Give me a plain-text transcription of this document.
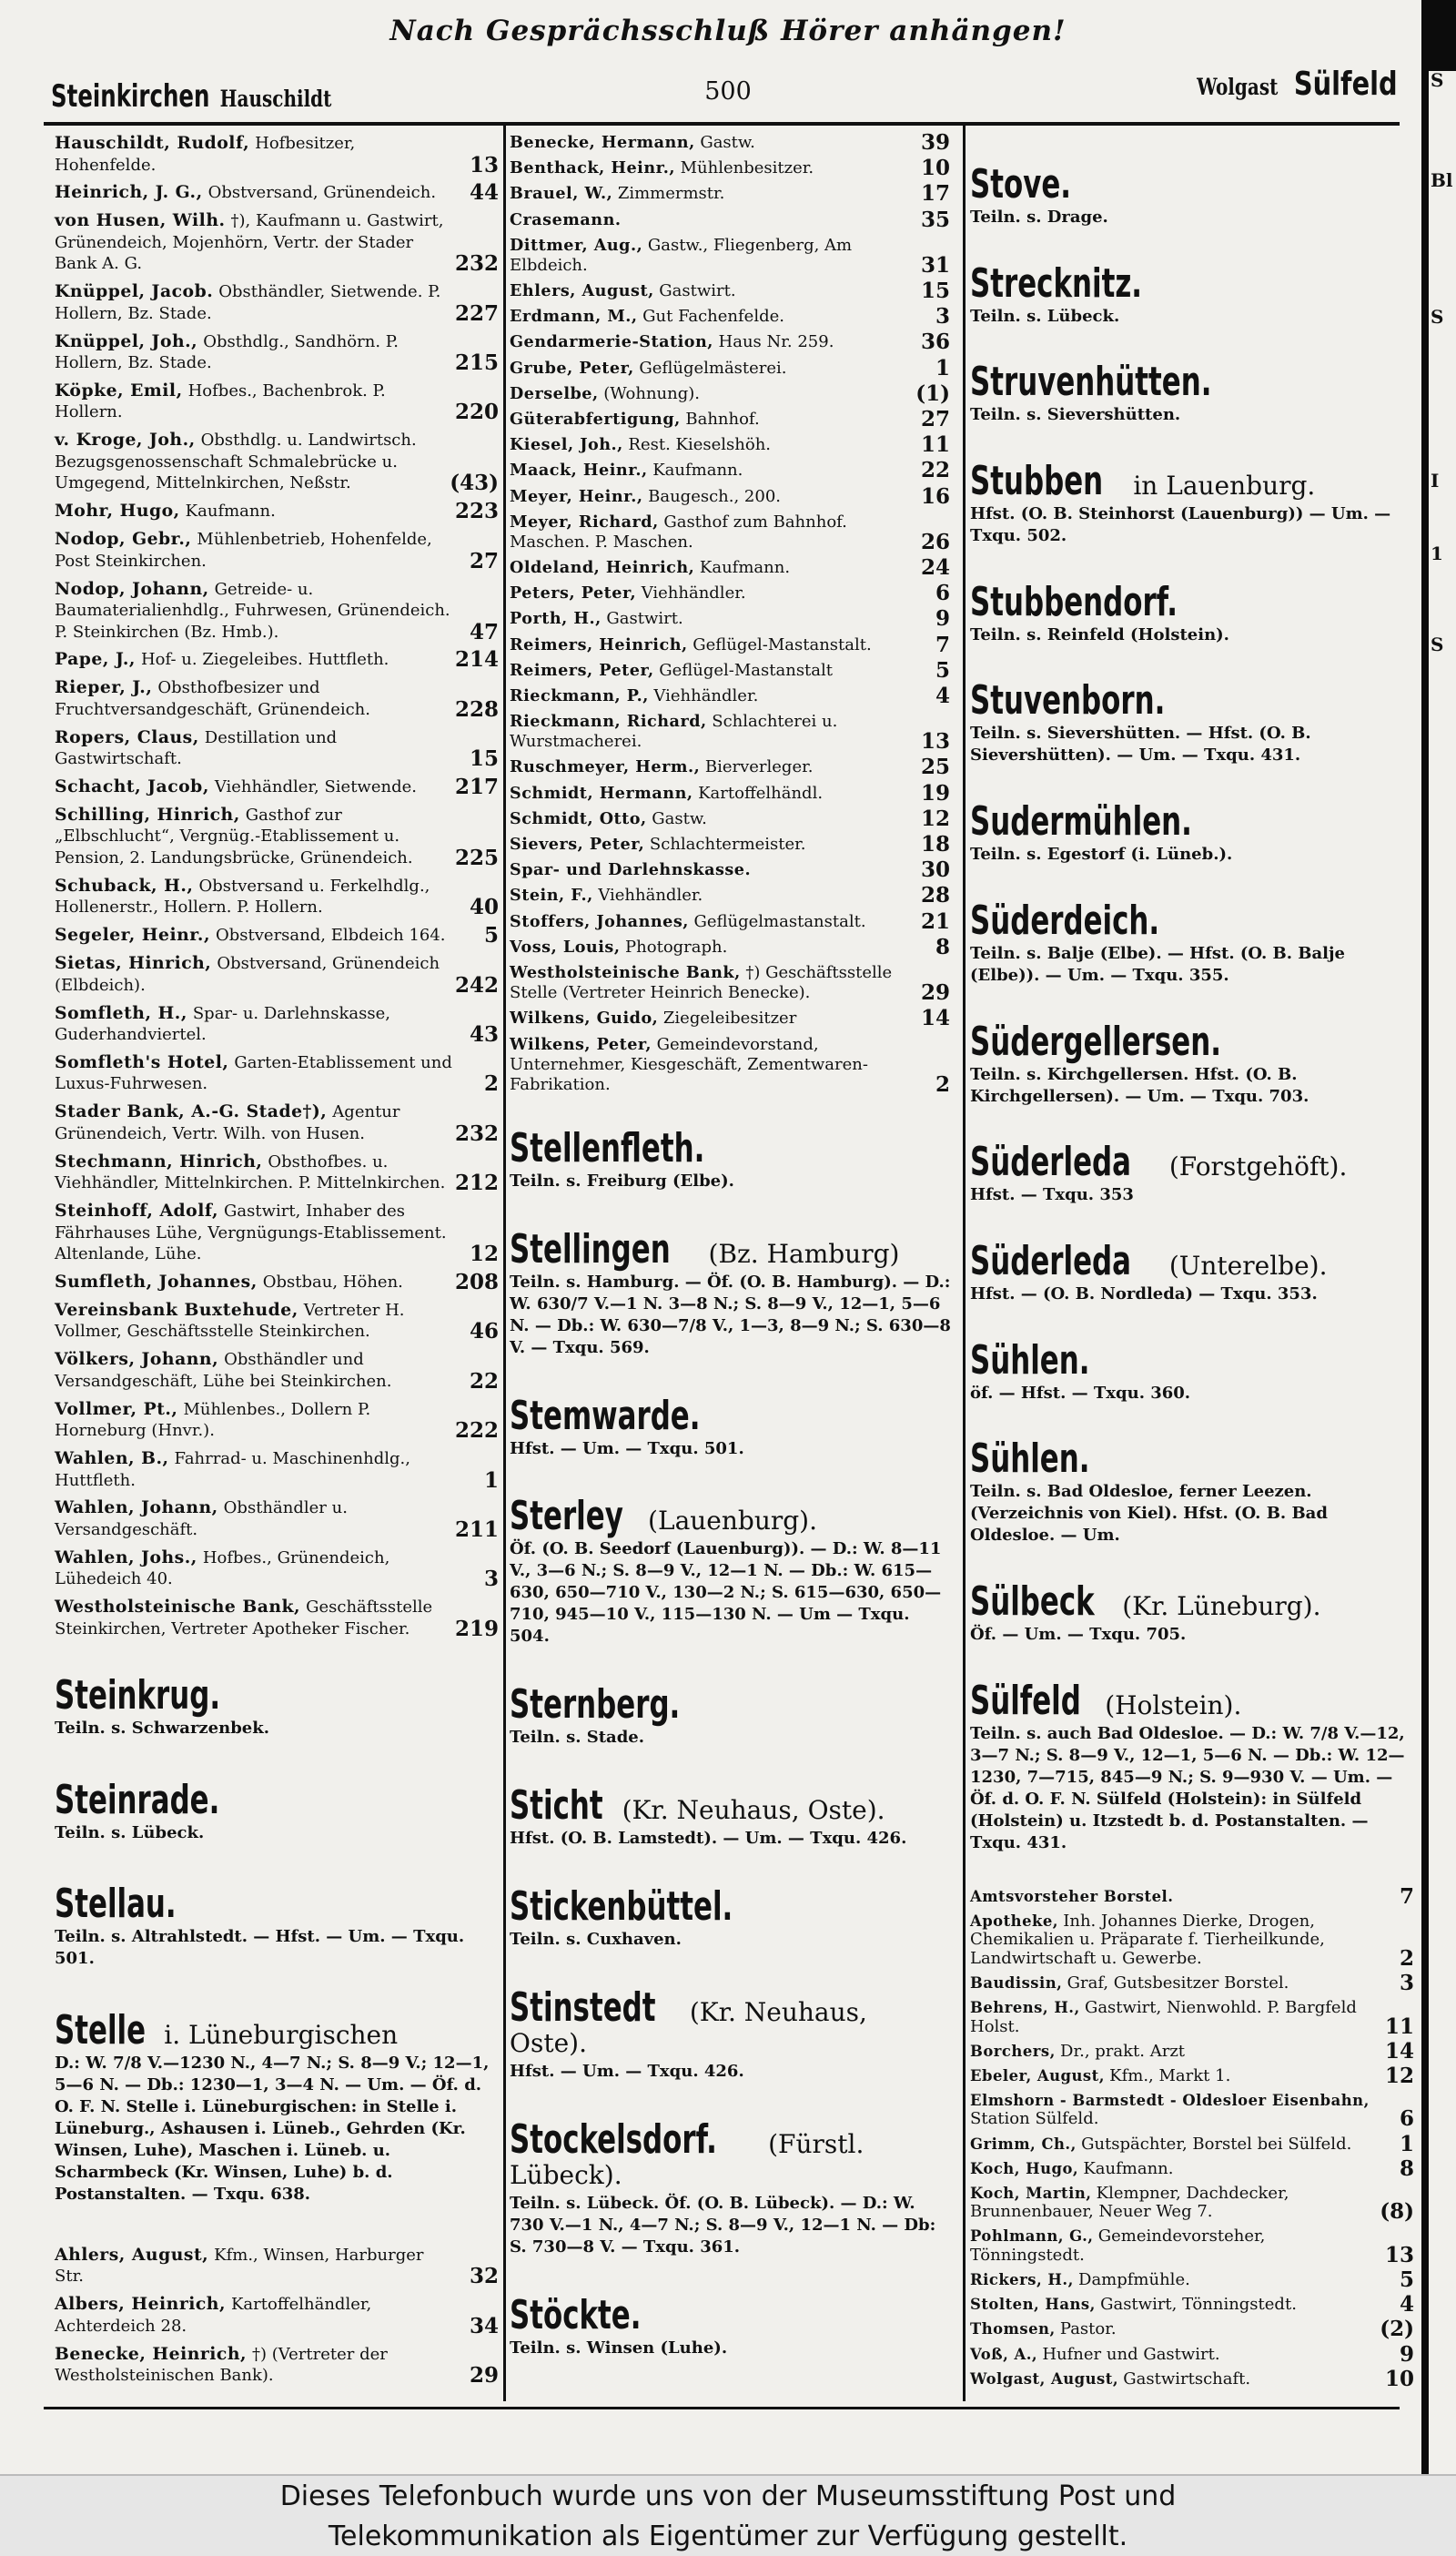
Nach Gesprächsschluß Hörer anhängen!
Steinkirchen Hauschildt	500	Wolgast Sülfeld
Hauschildt, Rudolf, Hofbesitzer, Hohenfelde.	13
Heinrich, J. G., Obstversand, Grünendeich. 44
von Husen, Wilh. †), Kaufmann u. Gastwirt, Grünendeich, Mojenhörn, Vertr. der Stader Bank A. G.	232
Knüppel, Jacob. Obsthändler, Sietwende. P. Hollern, Bz. Stade.	227
Knüppel, Joh., Obsthdlg., Sandhörn. P. Hollern, Bz. Stade.	215
Köpke, Emil, Hofbes., Bachenbrok. P. Hollern.	220
v. Kroge, Joh., Obsthdlg. u. Landwirtsch. Bezugsgenossenschaft Schmalebrücke u. Umgegend, Mittelnkirchen, Neßstr.	(43)
Mohr, Hugo, Kaufmann.	223
Nodop, Gebr., Mühlenbetrieb, Hohenfelde, Post Steinkirchen.	27
Nodop, Johann, Getreide- u. Baumaterialienhdlg., Fuhrwesen, Grünendeich. P. Steinkirchen (Bz. Hmb.).	47
Pape, J., Hof- u. Ziegeleibes. Huttfleth.	214
Rieper, J., Obsthofbesizer und Fruchtversandgeschäft, Grünendeich.	228
Ropers, Claus, Destillation und Gastwirtschaft.	15
Schacht, Jacob, Viehhändler, Sietwende. 217
Schilling, Hinrich, Gasthof zur „Elbschlucht“, Vergnüg.-Etablissement u. Pension, 2. Landungsbrücke, Grünendeich. 225
Schuback, H., Obstversand u. Ferkelhdlg., Hollenerstr., Hollern. P. Hollern.	40
Segeler, Heinr., Obstversand, Elbdeich 164. 5
Sietas, Hinrich, Obstversand, Grünendeich (Elbdeich).	242
Somfleth, H., Spar- u. Darlehnskasse, Guderhandviertel.	43
Somfleth's Hotel, Garten-Etablissement und Luxus-Fuhrwesen.	2
Stader Bank, A.-G. Stade†), Agentur Grünendeich, Vertr. Wilh. von Husen.	232
Stechmann, Hinrich, Obsthofbes. u. Viehhändler, Mittelnkirchen. P. Mittelnkirchen. 212
Steinhoff, Adolf, Gastwirt, Inhaber des Fährhauses Lühe, Vergnügungs-Etablissement. Altenlande, Lühe.	12
Sumfleth, Johannes, Obstbau, Höhen. 208
Vereinsbank Buxtehude, Vertreter H. Vollmer, Geschäftsstelle Steinkirchen.	46
Völkers, Johann, Obsthändler und Versandgeschäft, Lühe bei Steinkirchen.	22
Vollmer, Pt., Mühlenbes., Dollern P. Horneburg (Hnvr.).	222
Wahlen, B., Fahrrad- u. Maschinenhdlg., Huttfleth.	1
Wahlen, Johann, Obsthändler u. Versandgeschäft.	211
Wahlen, Johs., Hofbes., Grünendeich, Lühedeich 40.	3
Westholsteinische Bank, Geschäftsstelle Steinkirchen, Vertreter Apotheker Fischer. 219
Steinkrug.
Teiln. s. Schwarzenbek.
Steinrade.
Teiln. s. Lübeck.
Stellau.
Teiln. s. Altrahlstedt. — Hfst. — Um. — Txqu. 501.
Stelle i. Lüneburgischen
D.: W. 7/8 V.—1230 N., 4—7 N.; S. 8—9 V.; 12—1, 5—6 N. — Db.: 1230—1, 3—4 N. — Um. — Öf. d. O. F. N. Stelle i. Lüneburgischen: in Stelle i. Lüneburg., Ashausen i. Lüneb., Gehrden (Kr. Winsen, Luhe), Maschen i. Lüneb. u. Scharmbeck (Kr. Winsen, Luhe) b. d. Postanstalten. — Txqu. 638.
Ahlers, August, Kfm., Winsen, Harburger Str.	32
Albers, Heinrich, Kartoffelhändler, Achterdeich 28.	34
Benecke, Heinrich, †) (Vertreter der Westholsteinischen Bank).	29
Benecke, Hermann, Gastw.	39
Benthack, Heinr., Mühlenbesitzer.	10
Brauel, W., Zimmermstr.	17
Crasemann.	35
Dittmer, Aug., Gastw., Fliegenberg, Am Elbdeich.	31
Ehlers, August, Gastwirt.	15
Erdmann, M., Gut Fachenfelde.	3
Gendarmerie-Station, Haus Nr. 259.	36
Grube, Peter, Geflügelmästerei.	1
Derselbe, (Wohnung).	(1)
Güterabfertigung, Bahnhof.	27
Kiesel, Joh., Rest. Kieselshöh.	11
Maack, Heinr., Kaufmann.	22
Meyer, Heinr., Baugesch., 200.	16
Meyer, Richard, Gasthof zum Bahnhof. Maschen. P. Maschen.	26
Oldeland, Heinrich, Kaufmann.	24
Peters, Peter, Viehhändler.	6
Porth, H., Gastwirt.	9
Reimers, Heinrich, Geflügel-Mastanstalt.	7
Reimers, Peter, Geflügel-Mastanstalt	5
Rieckmann, P., Viehhändler.	4
Rieckmann, Richard, Schlachterei u. Wurstmacherei.	13
Ruschmeyer, Herm., Bierverleger.	25
Schmidt, Hermann, Kartoffelhändl.	19
Schmidt, Otto, Gastw.	12
Sievers, Peter, Schlachtermeister.	18
Spar- und Darlehnskasse.	30
Stein, F., Viehhändler.	28
Stoffers, Johannes, Geflügelmastanstalt.	21
Voss, Louis, Photograph.	8
Westholsteinische Bank, †) Geschäftsstelle Stelle (Vertreter Heinrich Benecke).	29
Wilkens, Guido, Ziegeleibesitzer	14
Wilkens, Peter, Gemeindevorstand, Unternehmer, Kiesgeschäft, Zementwaren-Fabrikation.	2
Stellenfleth.
Teiln. s. Freiburg (Elbe).
Stellingen (Bz. Hamburg)
Teiln. s. Hamburg. — Öf. (O. B. Hamburg). — D.: W. 630/7 V.—1 N. 3—8 N.; S. 8—9 V., 12—1, 5—6 N. — Db.: W. 630—7/8 V., 1—3, 8—9 N.; S. 630—8 V. — Txqu. 569.
Stemwarde.
Hfst. — Um. — Txqu. 501.
Sterley (Lauenburg).
Öf. (O. B. Seedorf (Lauenburg)). — D.: W. 8—11 V., 3—6 N.; S. 8—9 V., 12—1 N. — Db.: W. 615—630, 650—710 V., 130—2 N.; S. 615—630, 650—710, 945—10 V., 115—130 N. — Um — Txqu. 504.
Sternberg.
Teiln. s. Stade.
Sticht (Kr. Neuhaus, Oste).
Hfst. (O. B. Lamstedt). — Um. — Txqu. 426.
Stickenbüttel.
Teiln. s. Cuxhaven.
Stinstedt (Kr. Neuhaus, Oste).
Hfst. — Um. — Txqu. 426.
Stockelsdorf. (Fürstl. Lübeck).
Teiln. s. Lübeck. Öf. (O. B. Lübeck). — D.: W. 730 V.—1 N., 4—7 N.; S. 8—9 V., 12—1 N. — Db: S. 730—8 V. — Txqu. 361.
Stöckte.
Teiln. s. Winsen (Luhe).
Stove.
Teiln. s. Drage.
Strecknitz.
Teiln. s. Lübeck.
Struvenhütten.
Teiln. s. Sievershütten.
Stubben in Lauenburg.
Hfst. (O. B. Steinhorst (Lauenburg)) — Um. — Txqu. 502.
Stubbendorf.
Teiln. s. Reinfeld (Holstein).
Stuvenborn.
Teiln. s. Sievershütten. — Hfst. (O. B. Sievershütten). — Um. — Txqu. 431.
Sudermühlen.
Teiln. s. Egestorf (i. Lüneb.).
Süderdeich.
Teiln. s. Balje (Elbe). — Hfst. (O. B. Balje (Elbe)). — Um. — Txqu. 355.
Südergellersen.
Teiln. s. Kirchgellersen. Hfst. (O. B. Kirchgellersen). — Um. — Txqu. 703.
Süderleda (Forstgehöft).
Hfst. — Txqu. 353
Süderleda (Unterelbe).
Hfst. — (O. B. Nordleda) — Txqu. 353.
Sühlen.
öf. — Hfst. — Txqu. 360.
Sühlen.
Teiln. s. Bad Oldesloe, ferner Leezen. (Verzeichnis von Kiel). Hfst. (O. B. Bad Oldesloe. — Um.
Sülbeck (Kr. Lüneburg).
Öf. — Um. — Txqu. 705.
Sülfeld (Holstein).
Teiln. s. auch Bad Oldesloe. — D.: W. 7/8 V.—12, 3—7 N.; S. 8—9 V., 12—1, 5—6 N. — Db.: W. 12—1230, 7—715, 845—9 N.; S. 9—930 V. — Um. — Öf. d. O. F. N. Sülfeld (Holstein): in Sülfeld (Holstein) u. Itzstedt b. d. Postanstalten. — Txqu. 431.
Amtsvorsteher Borstel.	7
Apotheke, Inh. Johannes Dierke, Drogen, Chemikalien u. Präparate f. Tierheilkunde, Landwirtschaft u. Gewerbe.	2
Baudissin, Graf, Gutsbesitzer Borstel.	3
Behrens, H., Gastwirt, Nienwohld. P. Bargfeld Holst.	11
Borchers, Dr., prakt. Arzt	14
Ebeler, August, Kfm., Markt 1.	12
Elmshorn - Barmstedt - Oldesloer Eisenbahn, Station Sülfeld.	6
Grimm, Ch., Gutspächter, Borstel bei Sülfeld. 1
Koch, Hugo, Kaufmann.	8
Koch, Martin, Klempner, Dachdecker, Brunnenbauer, Neuer Weg 7.	(8)
Pohlmann, G., Gemeindevorsteher, Tönningstedt.	13
Rickers, H., Dampfmühle.	5
Stolten, Hans, Gastwirt, Tönningstedt.	4
Thomsen, Pastor.	(2)
Voß, A., Hufner und Gastwirt.	9
Wolgast, August, Gastwirtschaft.	10
S
Bl
S
I
1
S
Dieses Telefonbuch wurde uns von der Museumsstiftung Post und
Telekommunikation als Eigentümer zur Verfügung gestellt.
